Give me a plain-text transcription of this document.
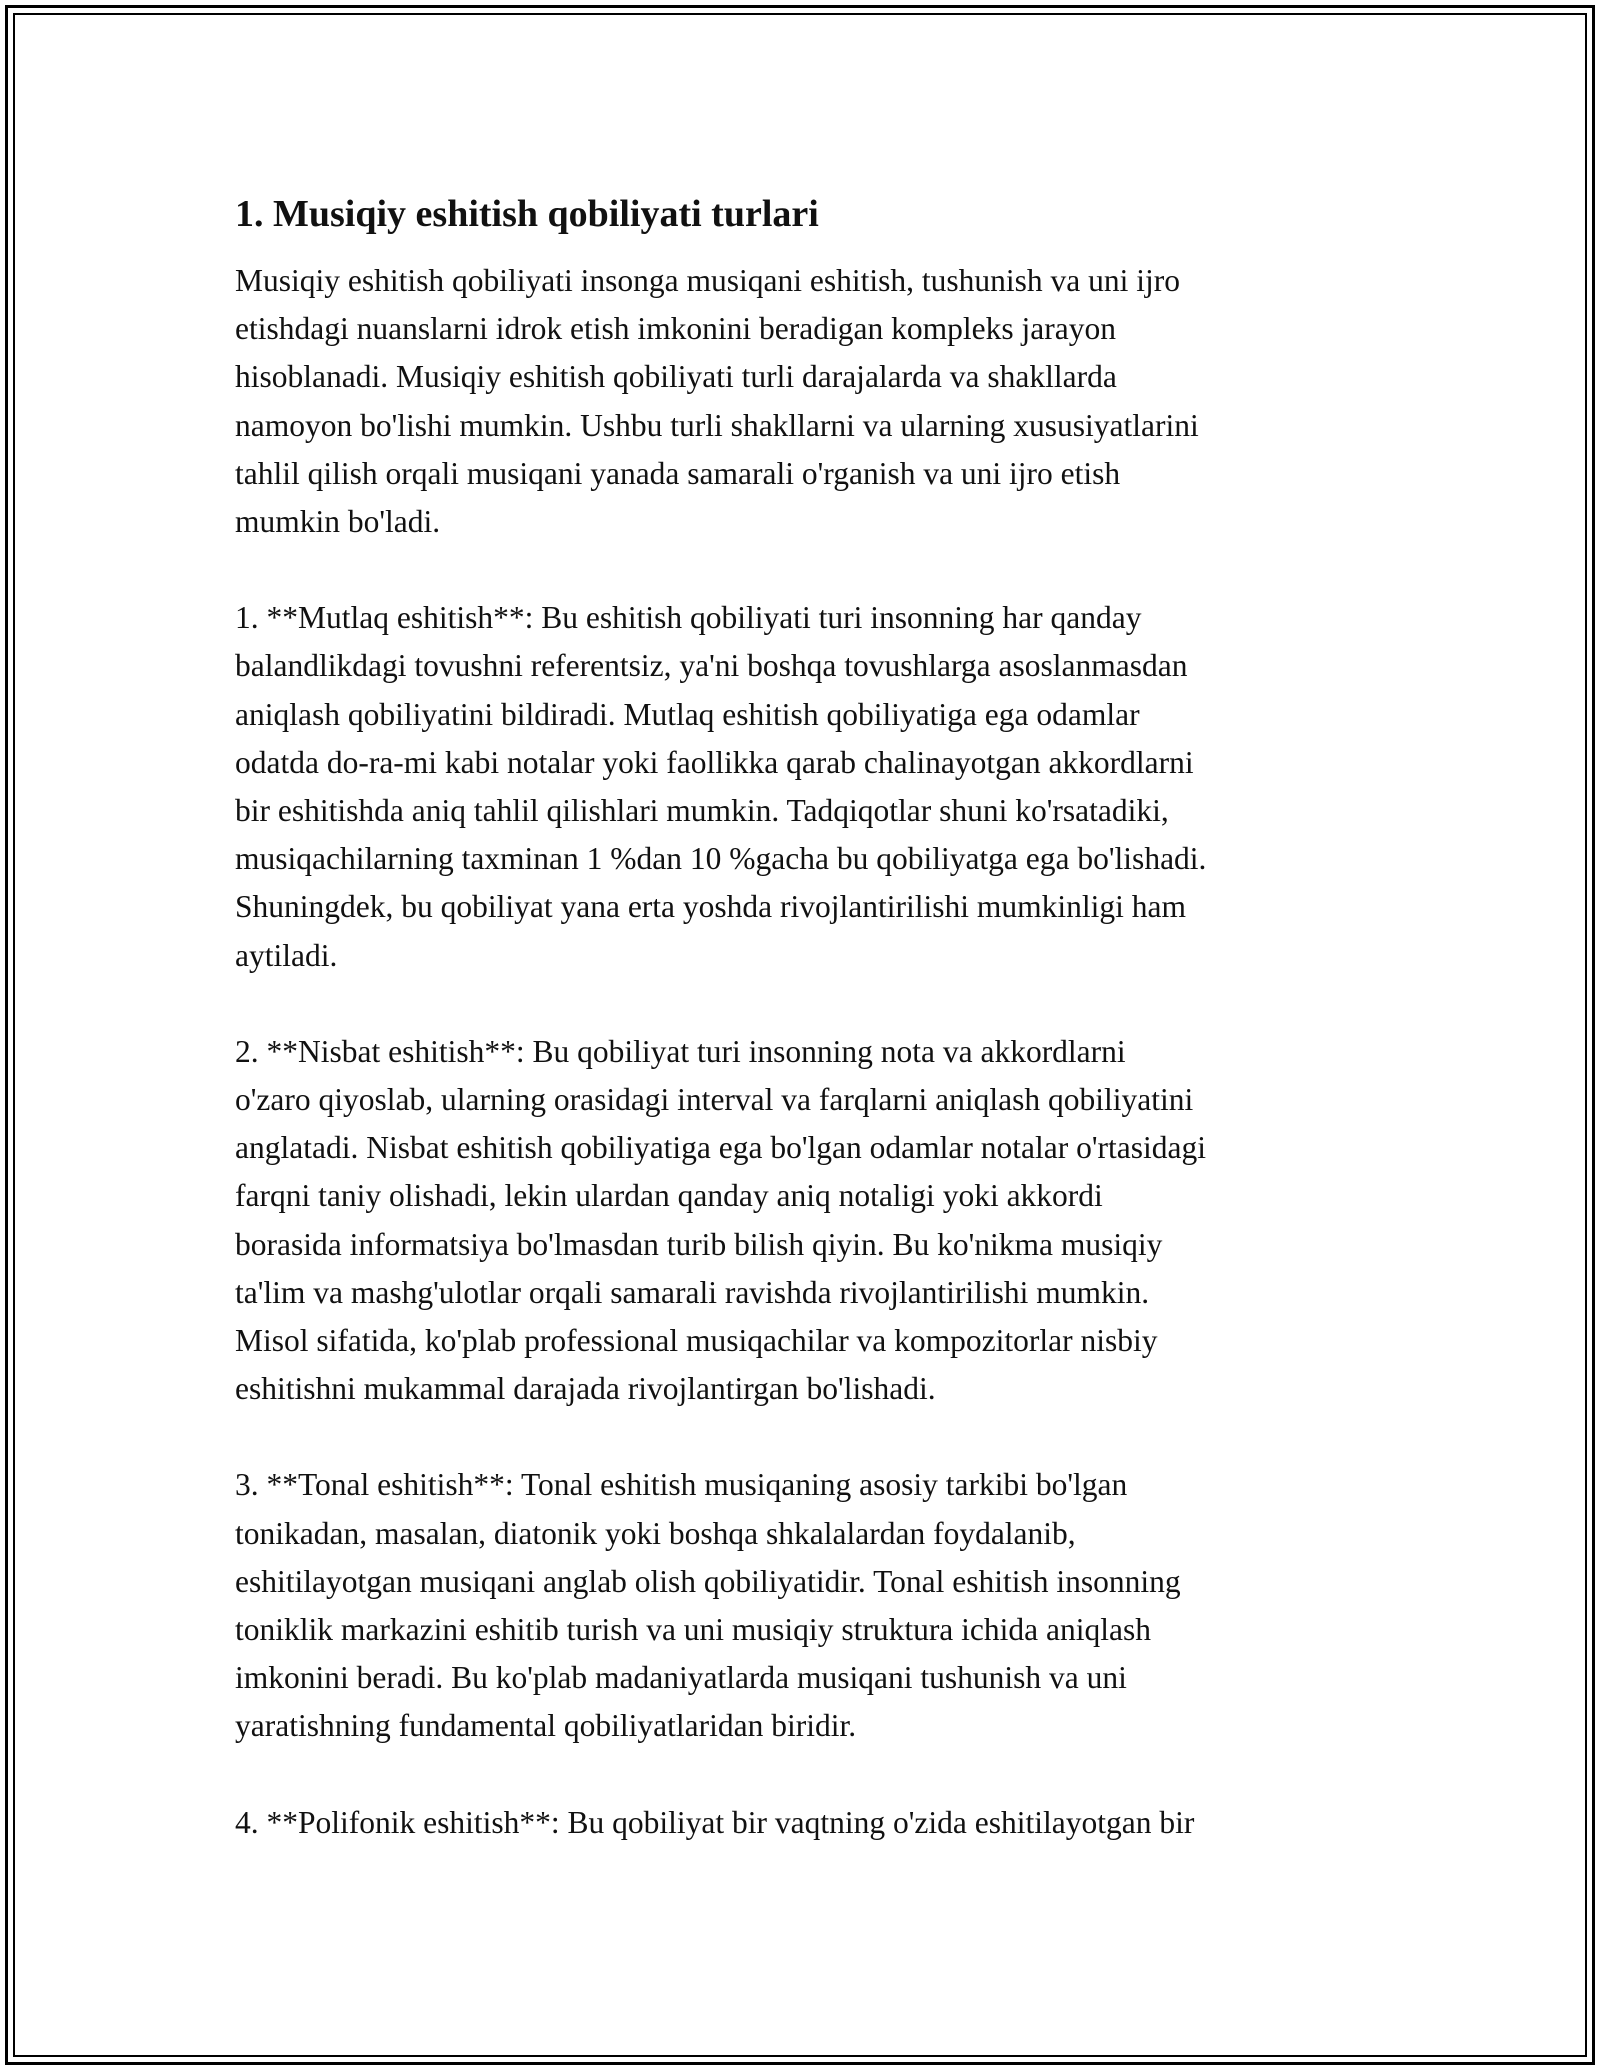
1. Musiqiy eshitish qobiliyati turlari
Musiqiy eshitish qobiliyati insonga musiqani eshitish, tushunish va uni ijro
etishdagi nuanslarni idrok etish imkonini beradigan kompleks jarayon
hisoblanadi. Musiqiy eshitish qobiliyati turli darajalarda va shakllarda
namoyon bo'lishi mumkin. Ushbu turli shakllarni va ularning xususiyatlarini
tahlil qilish orqali musiqani yanada samarali o'rganish va uni ijro etish
mumkin bo'ladi.
1. **Mutlaq eshitish**: Bu eshitish qobiliyati turi insonning har qanday
balandlikdagi tovushni referentsiz, ya'ni boshqa tovushlarga asoslanmasdan
aniqlash qobiliyatini bildiradi. Mutlaq eshitish qobiliyatiga ega odamlar
odatda do-ra-mi kabi notalar yoki faollikka qarab chalinayotgan akkordlarni
bir eshitishda aniq tahlil qilishlari mumkin. Tadqiqotlar shuni ko'rsatadiki,
musiqachilarning taxminan 1 %dan 10 %gacha bu qobiliyatga ega bo'lishadi.
Shuningdek, bu qobiliyat yana erta yoshda rivojlantirilishi mumkinligi ham
aytiladi.
2. **Nisbat eshitish**: Bu qobiliyat turi insonning nota va akkordlarni
o'zaro qiyoslab, ularning orasidagi interval va farqlarni aniqlash qobiliyatini
anglatadi. Nisbat eshitish qobiliyatiga ega bo'lgan odamlar notalar o'rtasidagi
farqni taniy olishadi, lekin ulardan qanday aniq notaligi yoki akkordi
borasida informatsiya bo'lmasdan turib bilish qiyin. Bu ko'nikma musiqiy
ta'lim va mashg'ulotlar orqali samarali ravishda rivojlantirilishi mumkin.
Misol sifatida, ko'plab professional musiqachilar va kompozitorlar nisbiy
eshitishni mukammal darajada rivojlantirgan bo'lishadi.
3. **Tonal eshitish**: Tonal eshitish musiqaning asosiy tarkibi bo'lgan
tonikadan, masalan, diatonik yoki boshqa shkalalardan foydalanib,
eshitilayotgan musiqani anglab olish qobiliyatidir. Tonal eshitish insonning
toniklik markazini eshitib turish va uni musiqiy struktura ichida aniqlash
imkonini beradi. Bu ko'plab madaniyatlarda musiqani tushunish va uni
yaratishning fundamental qobiliyatlaridan biridir.
4. **Polifonik eshitish**: Bu qobiliyat bir vaqtning o'zida eshitilayotgan bir
